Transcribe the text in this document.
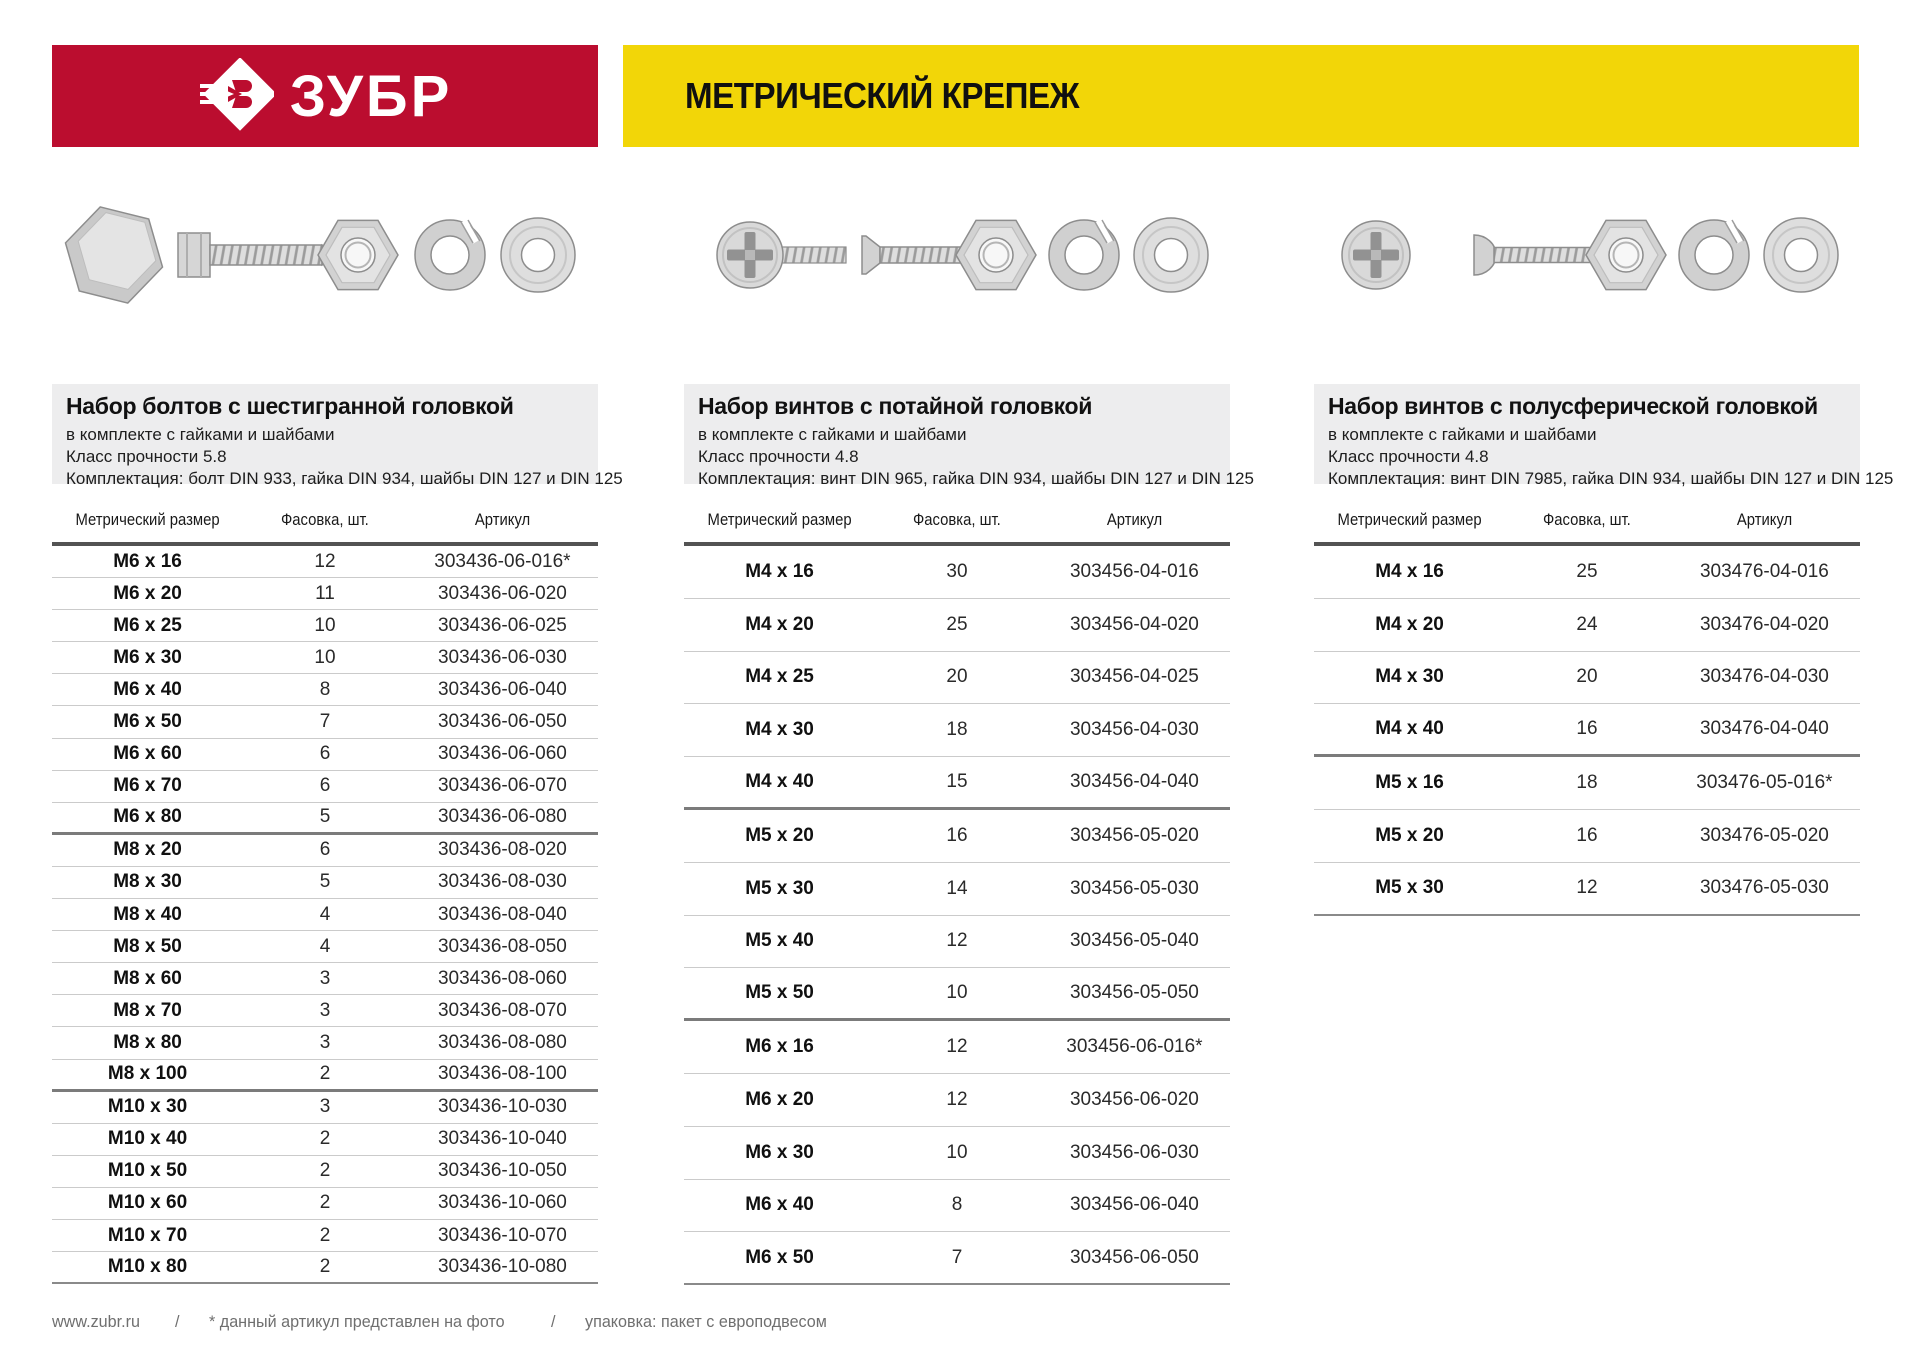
ЗУБР	МЕТРИЧЕСКИЙ КРЕПЕЖ
Набор болтов с шестигранной головкой
в комплекте с гайками и шайбами
Класс прочности 5.8
Комплектация: болт DIN 933, гайка DIN 934, шайбы DIN 127 и DIN 125
Метрический размер	Фасовка, шт.	Артикул
М6 х 16	12	303436-06-016*
М6 х 20	11	303436-06-020
М6 х 25	10	303436-06-025
М6 х 30	10	303436-06-030
М6 х 40	8	303436-06-040
М6 х 50	7	303436-06-050
М6 х 60	6	303436-06-060
М6 х 70	6	303436-06-070
М6 х 80	5	303436-06-080
М8 х 20	6	303436-08-020
М8 х 30	5	303436-08-030
М8 х 40	4	303436-08-040
М8 х 50	4	303436-08-050
М8 х 60	3	303436-08-060
М8 х 70	3	303436-08-070
М8 х 80	3	303436-08-080
М8 х 100	2	303436-08-100
М10 х 30	3	303436-10-030
М10 х 40	2	303436-10-040
М10 х 50	2	303436-10-050
М10 х 60	2	303436-10-060
М10 х 70	2	303436-10-070
М10 х 80	2	303436-10-080
Набор винтов с потайной головкой
в комплекте с гайками и шайбами
Класс прочности 4.8
Комплектация: винт DIN 965, гайка DIN 934, шайбы DIN 127 и DIN 125
Метрический размер	Фасовка, шт.	Артикул
М4 х 16	30	303456-04-016
М4 х 20	25	303456-04-020
М4 х 25	20	303456-04-025
М4 х 30	18	303456-04-030
М4 х 40	15	303456-04-040
М5 х 20	16	303456-05-020
М5 х 30	14	303456-05-030
М5 х 40	12	303456-05-040
М5 х 50	10	303456-05-050
М6 х 16	12	303456-06-016*
М6 х 20	12	303456-06-020
М6 х 30	10	303456-06-030
М6 х 40	8	303456-06-040
М6 х 50	7	303456-06-050
Набор винтов с полусферической головкой
в комплекте с гайками и шайбами
Класс прочности 4.8
Комплектация: винт DIN 7985, гайка DIN 934, шайбы DIN 127 и DIN 125
Метрический размер	Фасовка, шт.	Артикул
М4 х 16	25	303476-04-016
М4 х 20	24	303476-04-020
М4 х 30	20	303476-04-030
М4 х 40	16	303476-04-040
М5 х 16	18	303476-05-016*
М5 х 20	16	303476-05-020
М5 х 30	12	303476-05-030
www.zubr.ru / * данный артикул представлен на фото	/ упаковка: пакет с европодвесом
